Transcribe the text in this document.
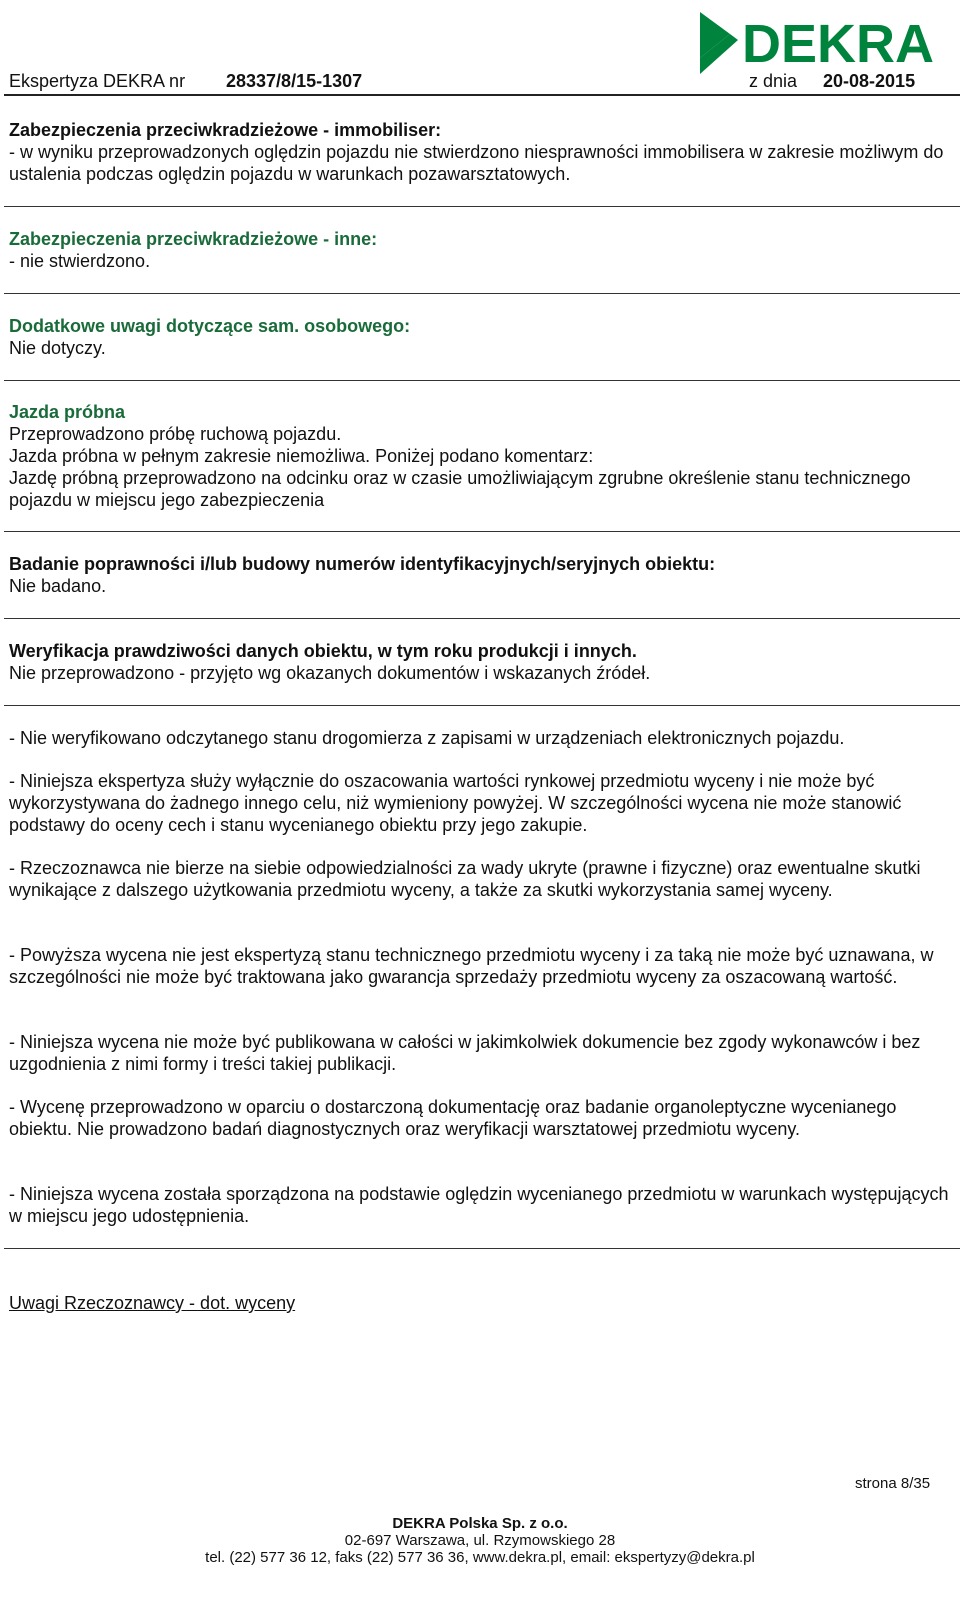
DEKRA
Ekspertyza DEKRA nr 28337/8/15-1307	z dnia 20-08-2015
Zabezpieczenia przeciwkradzieżowe - immobiliser:

- w wyniku przeprowadzonych oględzin pojazdu nie stwierdzono niesprawności immobilisera w zakresie możliwym do ustalenia podczas oględzin pojazdu w warunkach pozawarsztatowych.

Zabezpieczenia przeciwkradzieżowe - inne:

- nie stwierdzono.

Dodatkowe uwagi dotyczące sam. osobowego:

Nie dotyczy.

Jazda próbna

Przeprowadzono próbę ruchową pojazdu.

Jazda próbna w pełnym zakresie niemożliwa. Poniżej podano komentarz:

Jazdę próbną przeprowadzono na odcinku oraz w czasie umożliwiającym zgrubne określenie stanu technicznego pojazdu w miejscu jego zabezpieczenia

Badanie poprawności i/lub budowy numerów identyfikacyjnych/seryjnych obiektu:

Nie badano.

Weryfikacja prawdziwości danych obiektu, w tym roku produkcji i innych.

Nie przeprowadzono - przyjęto wg okazanych dokumentów i wskazanych źródeł.

- Nie weryfikowano odczytanego stanu drogomierza z zapisami w urządzeniach elektronicznych pojazdu.

- Niniejsza ekspertyza służy wyłącznie do oszacowania wartości rynkowej przedmiotu wyceny i nie może być wykorzystywana do żadnego innego celu, niż wymieniony powyżej. W szczególności wycena nie może stanowić podstawy do oceny cech i stanu wycenianego obiektu przy jego zakupie.

- Rzeczoznawca nie bierze na siebie odpowiedzialności za wady ukryte (prawne i fizyczne) oraz ewentualne skutki wynikające z dalszego użytkowania przedmiotu wyceny, a także za skutki wykorzystania samej wyceny.

- Powyższa wycena nie jest ekspertyzą stanu technicznego przedmiotu wyceny i za taką nie może być uznawana, w szczególności nie może być traktowana jako gwarancja sprzedaży przedmiotu wyceny za oszacowaną wartość.

- Niniejsza wycena nie może być publikowana w całości w jakimkolwiek dokumencie bez zgody wykonawców i bez uzgodnienia z nimi formy i treści takiej publikacji.

- Wycenę przeprowadzono w oparciu o dostarczoną dokumentację oraz badanie organoleptyczne wycenianego obiektu. Nie prowadzono badań diagnostycznych oraz weryfikacji warsztatowej przedmiotu wyceny.

- Niniejsza wycena została sporządzona na podstawie oględzin wycenianego przedmiotu w warunkach występujących w miejscu jego udostępnienia.

Uwagi Rzeczoznawcy - dot. wyceny
strona 8/35
DEKRA Polska Sp. z o.o.
02-697 Warszawa, ul. Rzymowskiego 28
tel. (22) 577 36 12, faks (22) 577 36 36, www.dekra.pl, email: ekspertyzy@dekra.pl
